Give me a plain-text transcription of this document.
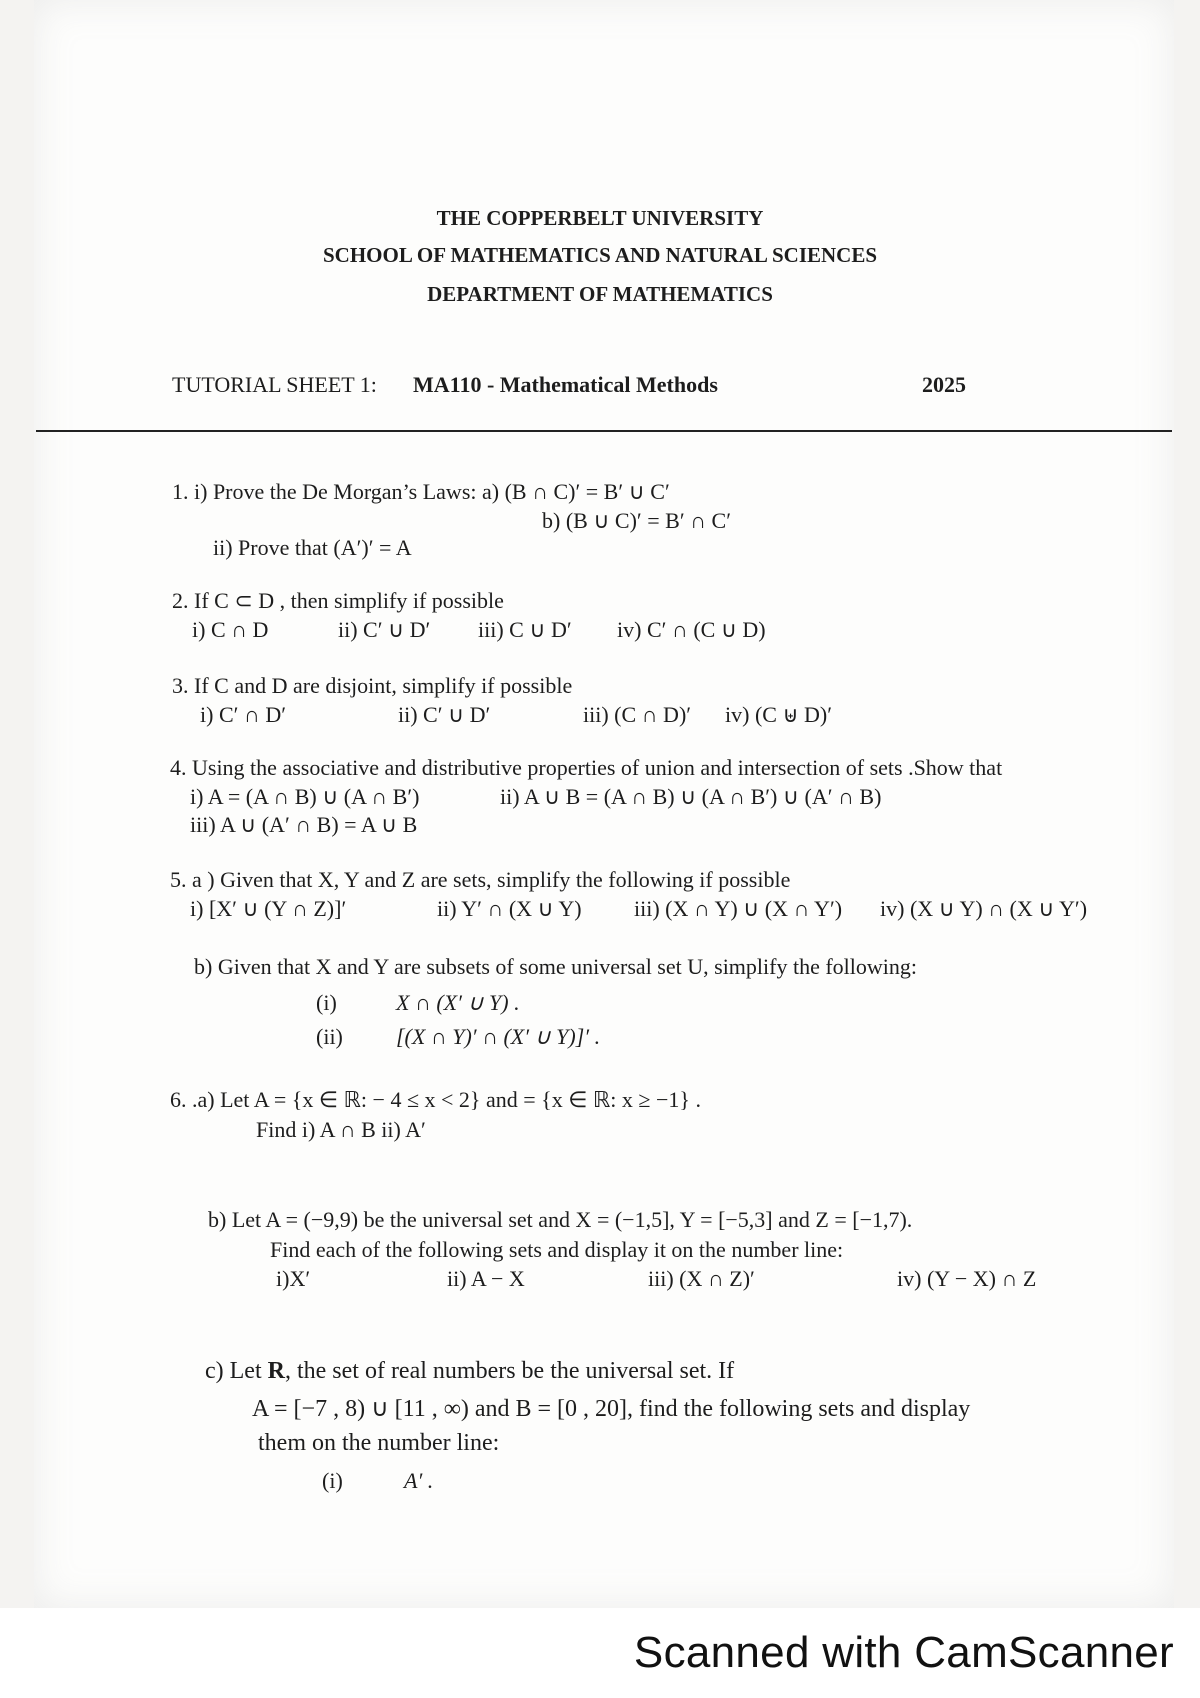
THE COPPERBELT UNIVERSITY
SCHOOL OF MATHEMATICS AND NATURAL SCIENCES
DEPARTMENT OF MATHEMATICS
TUTORIAL SHEET 1: MA110 - Mathematical Methods	2025
1. i) Prove the De Morgan’s Laws: a) (B ∩ C)′ = B′ ∪ C′
b) (B ∪ C)′ = B′ ∩ C′
ii) Prove that (A′)′ = A
2. If C ⊂ D , then simplify if possible
i) C ∩ D	ii) C′ ∪ D′ iii) C ∪ D′ iv) C′ ∩ (C ∪ D)
3. If C and D are disjoint, simplify if possible
i) C′ ∩ D′	ii) C′ ∪ D′	iii) (C ∩ D)′ iv) (C ⊎ D)′
4. Using the associative and distributive properties of union and intersection of sets .Show that
i) A = (A ∩ B) ∪ (A ∩ B′)	ii) A ∪ B = (A ∩ B) ∪ (A ∩ B′) ∪ (A′ ∩ B)
iii) A ∪ (A′ ∩ B) = A ∪ B
5. a ) Given that X, Y and Z are sets, simplify the following if possible
i) [X′ ∪ (Y ∩ Z)]′	ii) Y′ ∩ (X ∪ Y) iii) (X ∩ Y) ∪ (X ∩ Y′) iv) (X ∪ Y) ∩ (X ∪ Y′)
b) Given that X and Y are subsets of some universal set U, simplify the following:
(i)	X ∩ (X′ ∪ Y) .
(ii) [(X ∩ Y)′ ∩ (X′ ∪ Y)]′ .
6. .a) Let A = {x ∈ ℝ: − 4 ≤ x < 2} and = {x ∈ ℝ: x ≥ −1} .
Find i) A ∩ B ii) A′
b) Let A = (−9,9) be the universal set and X = (−1,5], Y = [−5,3] and Z = [−1,7).
Find each of the following sets and display it on the number line:
i)X′	ii) A − X	iii) (X ∩ Z)′	iv) (Y − X) ∩ Z
c) Let R, the set of real numbers be the universal set. If
A = [−7 , 8) ∪ [11 , ∞) and B = [0 , 20], find the following sets and display
them on the number line:
(i)	A′ .
Scanned with CamScanner
